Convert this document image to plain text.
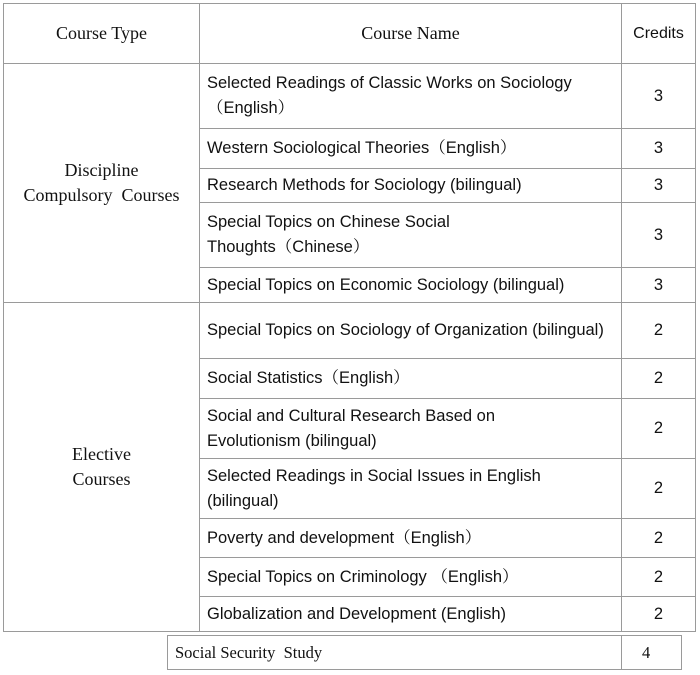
Course Type	Course Name	Credits
Discipline
Compulsory  Courses	Selected Readings of Classic Works on Sociology（English）	3
	Western Sociological Theories（English）	3
	Research Methods for Sociology (bilingual)	3
	Special Topics on Chinese Social Thoughts（Chinese）	3
	Special Topics on Economic Sociology (bilingual)	3
Elective
Courses	Special Topics on Sociology of Organization (bilingual)	2
	Social Statistics（English）	2
	Social and Cultural Research Based on Evolutionism (bilingual)	2
	Selected Readings in Social Issues in English (bilingual)	2
	Poverty and development（English）	2
	Special Topics on Criminology （English）	2
	Globalization and Development (English)	2
Social Security  Study	4
